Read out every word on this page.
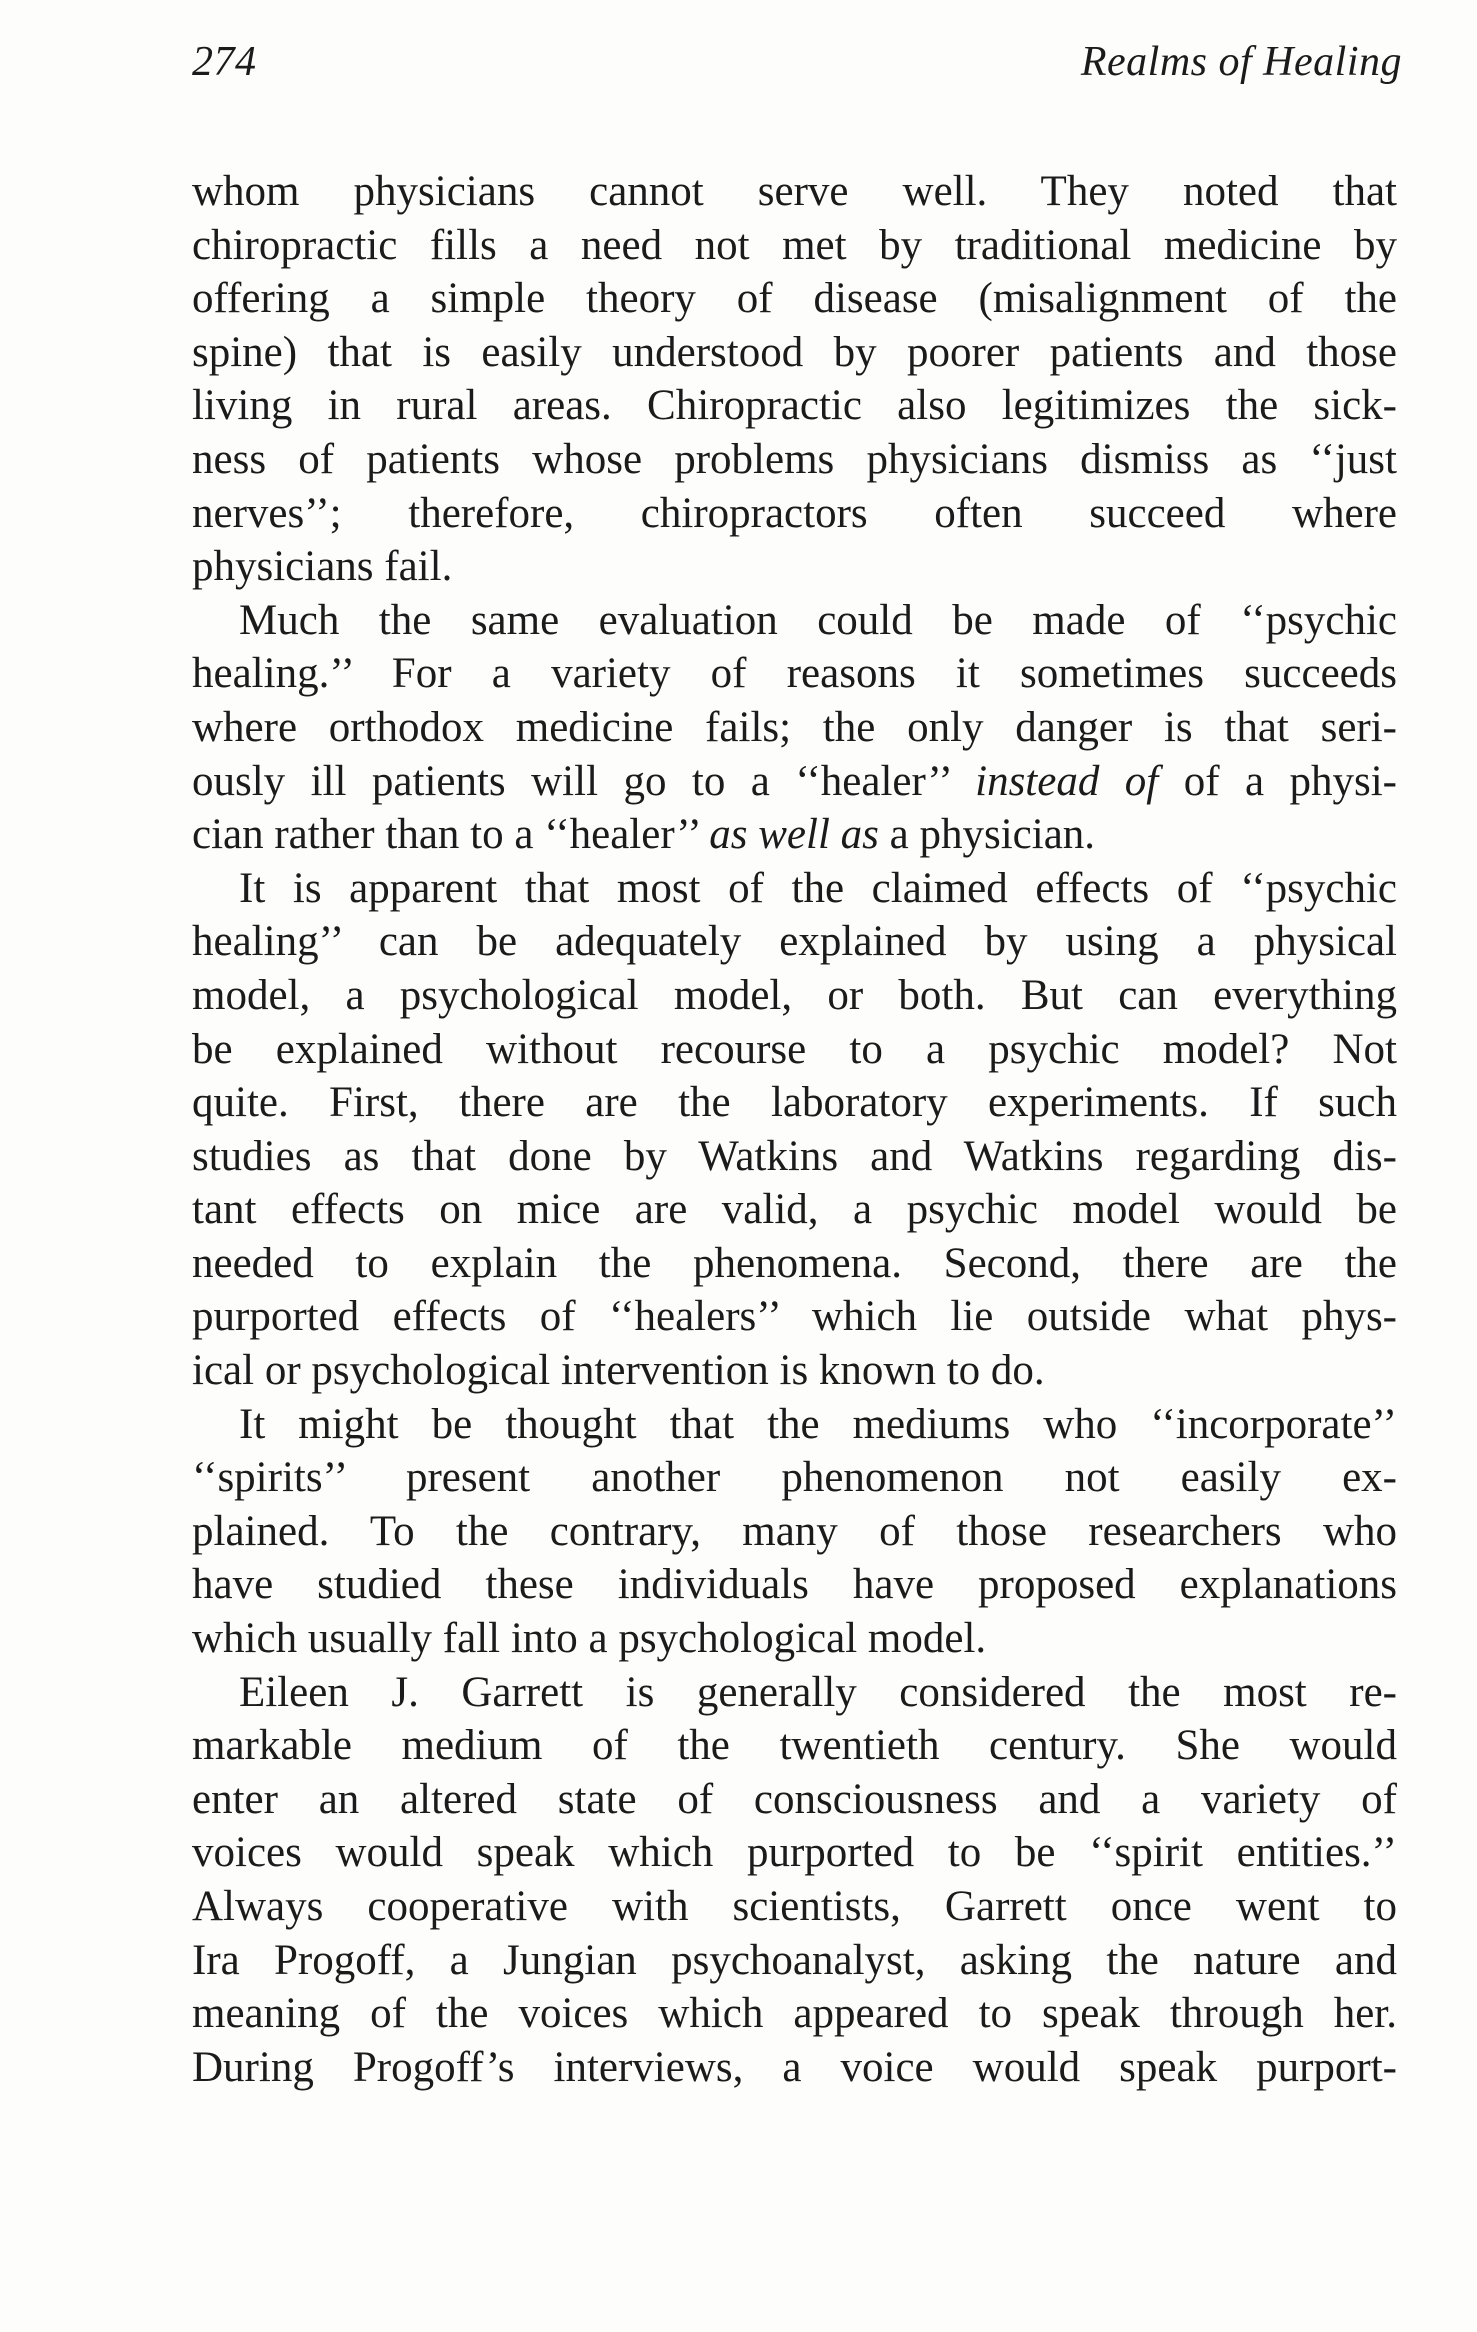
274	Realms of Healing
whom physicians cannot serve well. They noted that
chiropractic fills a need not met by traditional medicine by
offering a simple theory of disease (misalignment of the
spine) that is easily understood by poorer patients and those
living in rural areas. Chiropractic also legitimizes the sick-
ness of patients whose problems physicians dismiss as ‘‘just
nerves’’; therefore, chiropractors often succeed where
physicians fail.
Much the same evaluation could be made of ‘‘psychic
healing.’’ For a variety of reasons it sometimes succeeds
where orthodox medicine fails; the only danger is that seri-
ously ill patients will go to a ‘‘healer’’ instead of of a physi-
cian rather than to a ‘‘healer’’ as well as a physician.
It is apparent that most of the claimed effects of ‘‘psychic
healing’’ can be adequately explained by using a physical
model, a psychological model, or both. But can everything
be explained without recourse to a psychic model? Not
quite. First, there are the laboratory experiments. If such
studies as that done by Watkins and Watkins regarding dis-
tant effects on mice are valid, a psychic model would be
needed to explain the phenomena. Second, there are the
purported effects of ‘‘healers’’ which lie outside what phys-
ical or psychological intervention is known to do.
It might be thought that the mediums who ‘‘incorporate’’
‘‘spirits’’ present another phenomenon not easily ex-
plained. To the contrary, many of those researchers who
have studied these individuals have proposed explanations
which usually fall into a psychological model.
Eileen J. Garrett is generally considered the most re-
markable medium of the twentieth century. She would
enter an altered state of consciousness and a variety of
voices would speak which purported to be ‘‘spirit entities.’’
Always cooperative with scientists, Garrett once went to
Ira Progoff, a Jungian psychoanalyst, asking the nature and
meaning of the voices which appeared to speak through her.
During Progoff’s interviews, a voice would speak purport-
